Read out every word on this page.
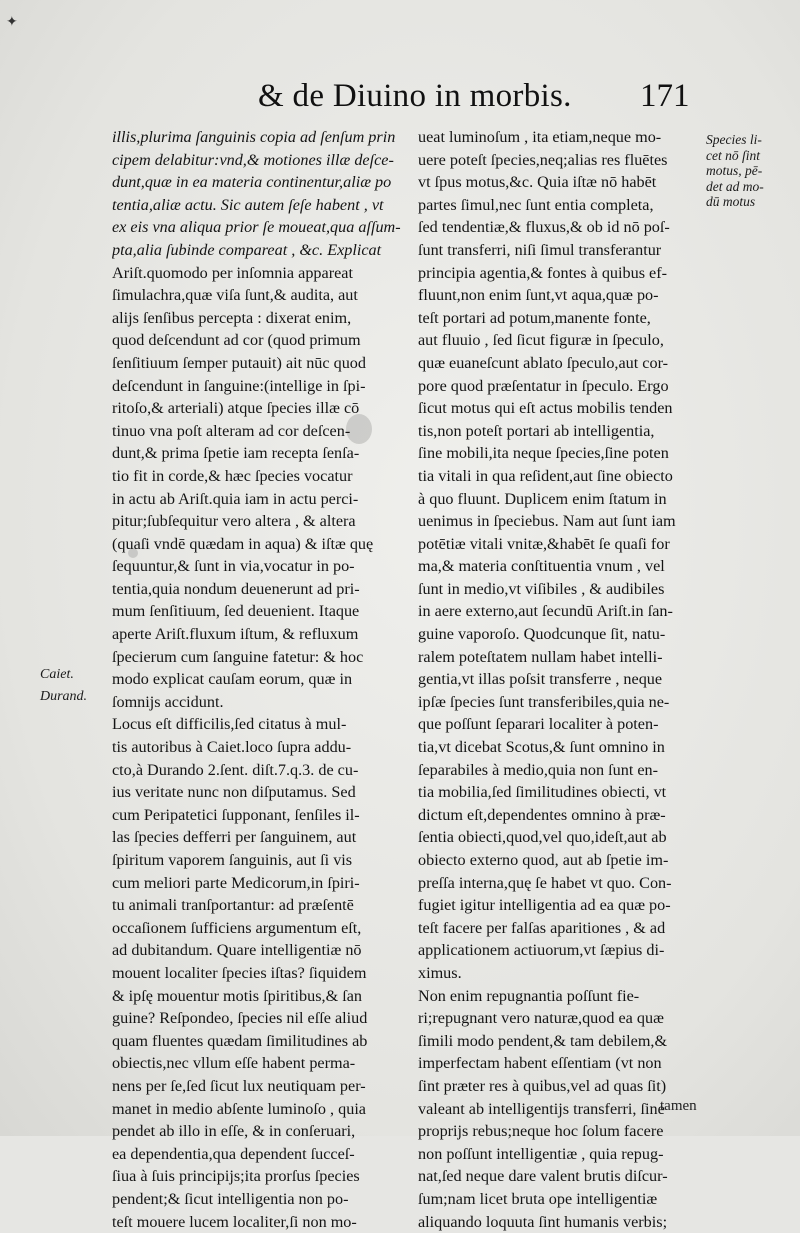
✦
& de Diuino in morbis. 171
illis,plurima ſanguinis copia ad ſenſum prin
cipem delabitur:vnd,& motiones illæ deſce-
dunt,quæ in ea materia continentur,aliæ po
tentia,aliæ actu. Sic autem ſeſe habent , vt
ex eis vna aliqua prior ſe moueat,qua aſſum-
pta,alia ſubinde compareat , &c. Explicat
Ariſt.quomodo per inſomnia appareat
ſimulachra,quæ viſa ſunt,& audita, aut
alijs ſenſibus percepta : dixerat enim,
quod deſcendunt ad cor (quod primum
ſenſitiuum ſemper putauit) ait nūc quod
deſcendunt in ſanguine:(intellige in ſpi-
ritoſo,& arteriali) atque ſpecies illæ cō
tinuo vna poſt alteram ad cor deſcen-
dunt,& prima ſpetie iam recepta ſenſa-
tio fit in corde,& hæc ſpecies vocatur
in actu ab Ariſt.quia iam in actu perci-
pitur;ſubſequitur vero altera , & altera
(quaſi vndē quædam in aqua) & iſtæ quę
ſequuntur,& ſunt in via,vocatur in po-
tentia,quia nondum deuenerunt ad pri-
mum ſenſitiuum, ſed deuenient. Itaque
aperte Ariſt.fluxum iſtum, & refluxum
ſpecierum cum ſanguine fatetur: & hoc
modo explicat cauſam eorum, quæ in
ſomnijs accidunt.
Locus eſt difficilis,ſed citatus à mul-
tis autoribus à Caiet.loco ſupra addu-
cto,à Durando 2.ſent. diſt.7.q.3. de cu-
ius veritate nunc non diſputamus. Sed
cum Peripatetici ſupponant, ſenſiles il-
las ſpecies defferri per ſanguinem, aut
ſpiritum vaporem ſanguinis, aut ſi vis
cum meliori parte Medicorum,in ſpiri-
tu animali tranſportantur: ad præſentē
occaſionem ſufficiens argumentum eſt,
ad dubitandum. Quare intelligentiæ nō
mouent localiter ſpecies iſtas? ſiquidem
& ipſę mouentur motis ſpiritibus,& ſan
guine? Reſpondeo, ſpecies nil eſſe aliud
quam fluentes quædam ſimilitudines ab
obiectis,nec vllum eſſe habent perma-
nens per ſe,ſed ſicut lux neutiquam per-
manet in medio abſente luminoſo , quia
pendet ab illo in eſſe, & in conſeruari,
ea dependentia,qua dependent ſucceſ-
ſiua à ſuis principijs;ita prorſus ſpecies
pendent;& ſicut intelligentia non po-
teſt mouere lucem localiter,ſi non mo-
ueat luminoſum , ita etiam,neque mo-
uere poteſt ſpecies,neq;alias res fluētes
vt ſpus motus,&c. Quia iſtæ nō habēt
partes ſimul,nec ſunt entia completa,
ſed tendentiæ,& fluxus,& ob id nō poſ-
ſunt transferri, niſi ſimul transferantur
principia agentia,& fontes à quibus ef-
fluunt,non enim ſunt,vt aqua,quæ po-
teſt portari ad potum,manente fonte,
aut fluuio , ſed ſicut figuræ in ſpeculo,
quæ euaneſcunt ablato ſpeculo,aut cor-
pore quod præſentatur in ſpeculo. Ergo
ſicut motus qui eſt actus mobilis tenden
tis,non poteſt portari ab intelligentia,
ſine mobili,ita neque ſpecies,ſine poten
tia vitali in qua reſident,aut ſine obiecto
à quo fluunt. Duplicem enim ſtatum in
uenimus in ſpeciebus. Nam aut ſunt iam
potētiæ vitali vnitæ,&habēt ſe quaſi for
ma,& materia conſtituentia vnum , vel
ſunt in medio,vt viſibiles , & audibiles
in aere externo,aut ſecundū Ariſt.in ſan-
guine vaporoſo. Quodcunque ſit, natu-
ralem poteſtatem nullam habet intelli-
gentia,vt illas poſsit transferre , neque
ipſæ ſpecies ſunt transferibiles,quia ne-
que poſſunt ſeparari localiter à poten-
tia,vt dicebat Scotus,& ſunt omnino in
ſeparabiles à medio,quia non ſunt en-
tia mobilia,ſed ſimilitudines obiecti, vt
dictum eſt,dependentes omnino à præ-
ſentia obiecti,quod,vel quo,ideſt,aut ab
obiecto externo quod, aut ab ſpetie im-
preſſa interna,quę ſe habet vt quo. Con-
fugiet igitur intelligentia ad ea quæ po-
teſt facere per falſas aparitiones , & ad
applicationem actiuorum,vt ſæpius di-
ximus.
Non enim repugnantia poſſunt fie-
ri;repugnant vero naturæ,quod ea quæ
ſimili modo pendent,& tam debilem,&
imperfectam habent eſſentiam (vt non
ſint præter res à quibus,vel ad quas ſit)
valeant ab intelligentijs transferri, ſine
proprijs rebus;neque hoc ſolum facere
non poſſunt intelligentiæ , quia repug-
nat,ſed neque dare valent brutis diſcur-
ſum;nam licet bruta ope intelligentiæ
aliquando loquuta ſint humanis verbis;
Species li-
cet nō ſint
motus, pē-
det ad mo-
dū motus
Caiet.
Durand.
tamen
